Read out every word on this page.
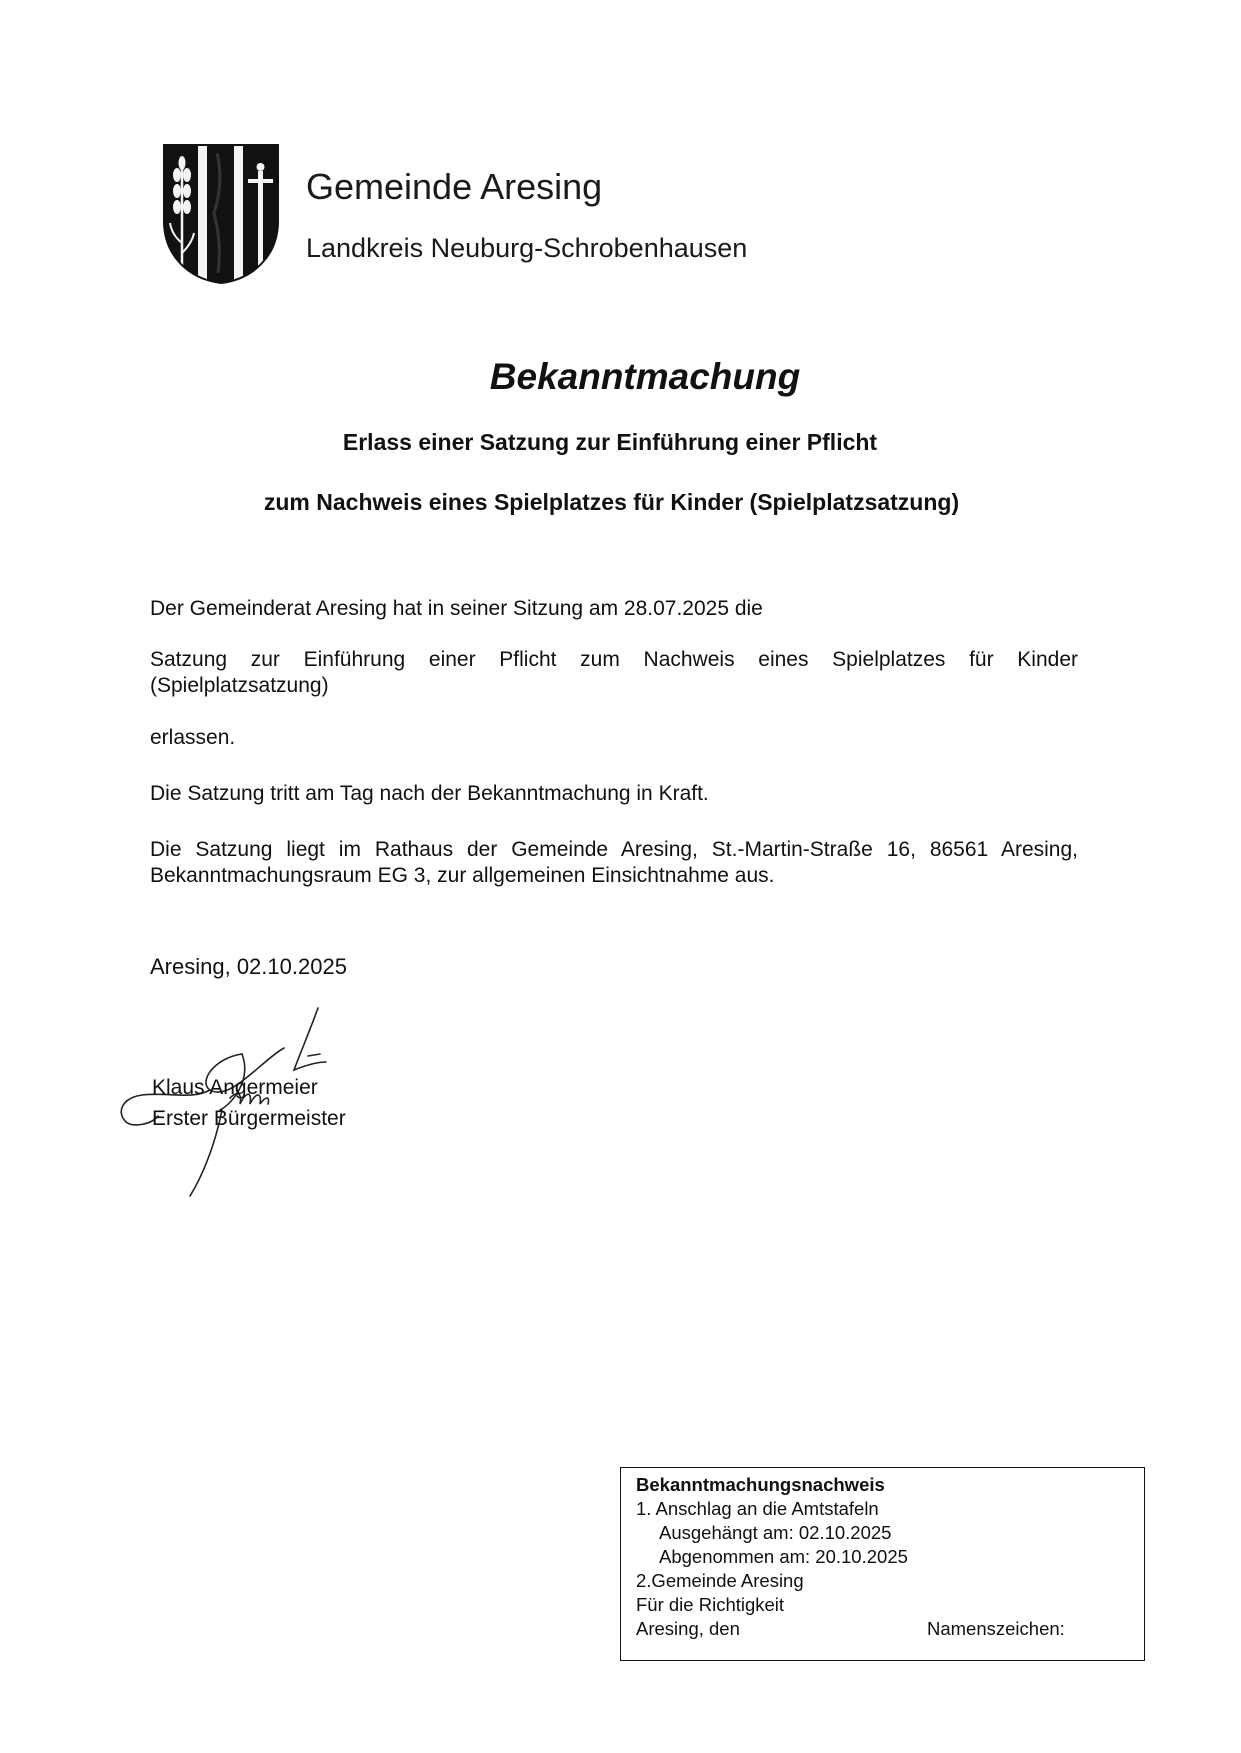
Gemeinde Aresing
Landkreis Neuburg-Schrobenhausen
Bekanntmachung
Erlass einer Satzung zur Einführung einer Pflicht
zum Nachweis eines Spielplatzes für Kinder (Spielplatzsatzung)
Der Gemeinderat Aresing hat in seiner Sitzung am 28.07.2025 die
Satzung zur Einführung einer Pflicht zum Nachweis eines Spielplatzes für Kinder
(Spielplatzsatzung)
erlassen.
Die Satzung tritt am Tag nach der Bekanntmachung in Kraft.
Die Satzung liegt im Rathaus der Gemeinde Aresing, St.-Martin-Straße 16, 86561 Aresing,
Bekanntmachungsraum EG 3, zur allgemeinen Einsichtnahme aus.
Aresing, 02.10.2025
Klaus Angermeier
Erster Bürgermeister
Bekanntmachungsnachweis
1. Anschlag an die Amtstafeln
Ausgehängt am: 02.10.2025
Abgenommen am: 20.10.2025
2.Gemeinde Aresing
Für die Richtigkeit
Aresing, den	Namenszeichen:
